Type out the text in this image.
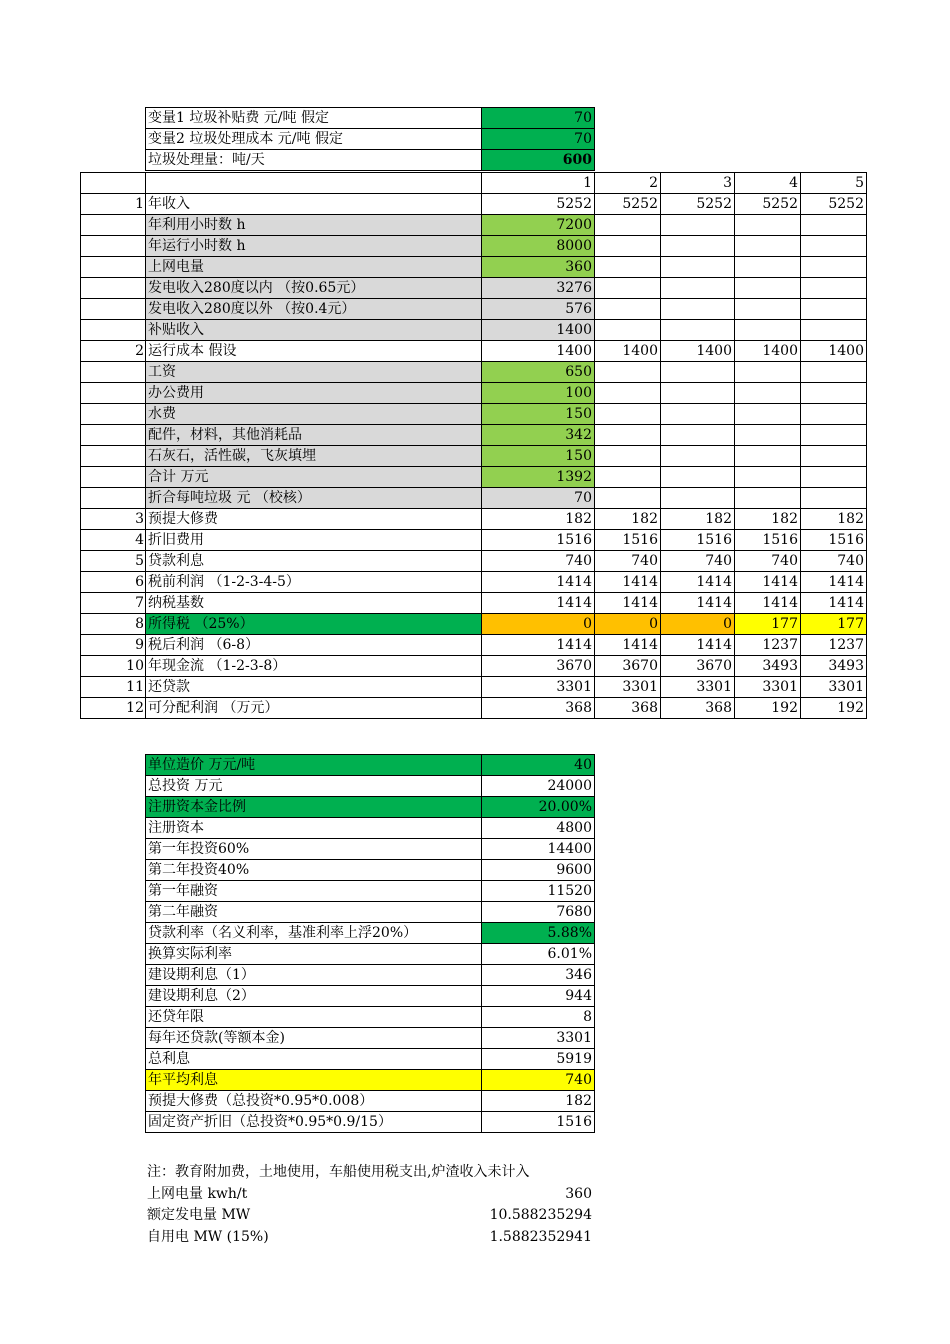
变量1 垃圾补贴费 元/吨 假定	70
变量2 垃圾处理成本 元/吨 假定	70
垃圾处理量：吨/天	600
		1	2	3	4	5
1	年收入	5252	5252	5252	5252	5252
	年利用小时数 h	7200				
	年运行小时数 h	8000				
	上网电量	360				
	发电收入280度以内 （按0.65元）	3276				
	发电收入280度以外 （按0.4元）	576				
	补贴收入	1400				
2	运行成本 假设	1400	1400	1400	1400	1400
	工资	650				
	办公费用	100				
	水费	150				
	配件，材料，其他消耗品	342				
	石灰石，活性碳，飞灰填埋	150				
	合计 万元	1392				
	折合每吨垃圾 元 （校核）	70				
3	预提大修费	182	182	182	182	182
4	折旧费用	1516	1516	1516	1516	1516
5	贷款利息	740	740	740	740	740
6	税前利润 （1-2-3-4-5）	1414	1414	1414	1414	1414
7	纳税基数	1414	1414	1414	1414	1414
8	所得税 （25%）	0	0	0	177	177
9	税后利润 （6-8）	1414	1414	1414	1237	1237
10	年现金流 （1-2-3-8）	3670	3670	3670	3493	3493
11	还贷款	3301	3301	3301	3301	3301
12	可分配利润 （万元）	368	368	368	192	192
单位造价 万元/吨	40
总投资 万元	24000
注册资本金比例	20.00%
注册资本	4800
第一年投资60%	14400
第二年投资40%	9600
第一年融资	11520
第二年融资	7680
贷款利率（名义利率，基准利率上浮20%）	5.88%
换算实际利率	6.01%
建设期利息（1）	346
建设期利息（2）	944
还贷年限	8
每年还贷款(等额本金)	3301
总利息	5919
年平均利息	740
预提大修费（总投资*0.95*0.008）	182
固定资产折旧（总投资*0.95*0.9/15）	1516
注：教育附加费，土地使用，车船使用税支出,炉渣收入未计入
上网电量 kwh/t	360
额定发电量 MW	10.588235294
自用电 MW (15%)	1.5882352941
